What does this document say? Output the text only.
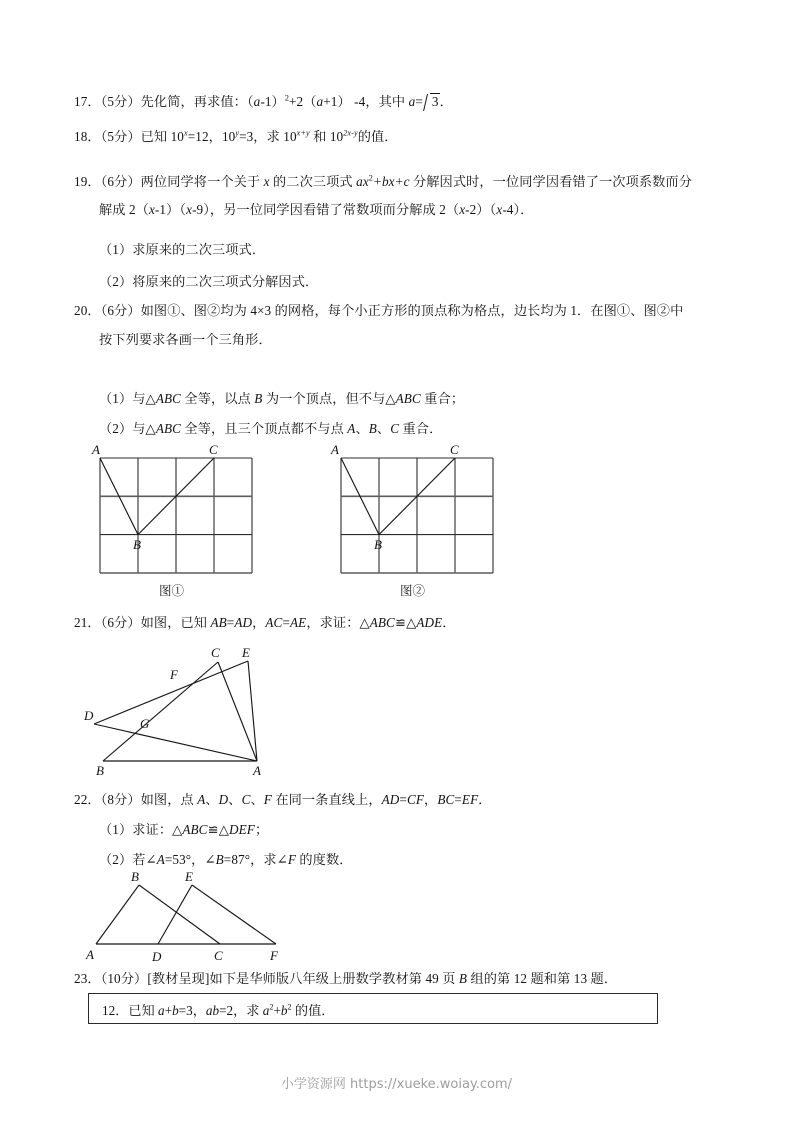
17．（5分）先化简，再求值：$(a-1)^2+2(a+1)$ -4，其中 a= 3．
18．（5分）已知 $10^x=12$，$10^y=3$，求 $10^{x+y}$ 和 $10^{2x-y}$的值．
19．（6分）两位同学将一个关于 x 的二次三项式 $ax^2+bx+c$ 分解因式时，一位同学因看错了一次项系数而分
解成 2（x-1）（x-9），另一位同学因看错了常数项而分解成 2（x-2）（x-4）．
（1）求原来的二次三项式．
（2）将原来的二次三项式分解因式．
20．（6分）如图①、图②均为 4×3 的网格，每个小正方形的顶点称为格点，边长均为 1．在图①、图②中
按下列要求各画一个三角形．
（1）与△ABC 全等，以点 B 为一个顶点，但不与△ABC 重合；
（2）与△ABC 全等，且三个顶点都不与点 A、B、C 重合．
A
B
C
图①
A
B
C
图②
21．（6分）如图，已知 AB=AD，AC=AE，求证：△ABC≌△ADE．
C E
F
D
G
B	A
22．（8分）如图，点 A、D、C、F 在同一条直线上，AD=CF，BC=EF．
（1）求证：△ABC≌△DEF；
（2）若∠A=53°，∠B=87°，求∠F 的度数．
B	E
A	D	C	F
23．（10分）[教材呈现]如下是华师版八年级上册数学教材第 49 页 B 组的第 12 题和第 13 题．
12．已知 a+b=3，ab=2，求 $a^2+b^2$ 的值．
小学资源网 https://xueke.woiay.com/
